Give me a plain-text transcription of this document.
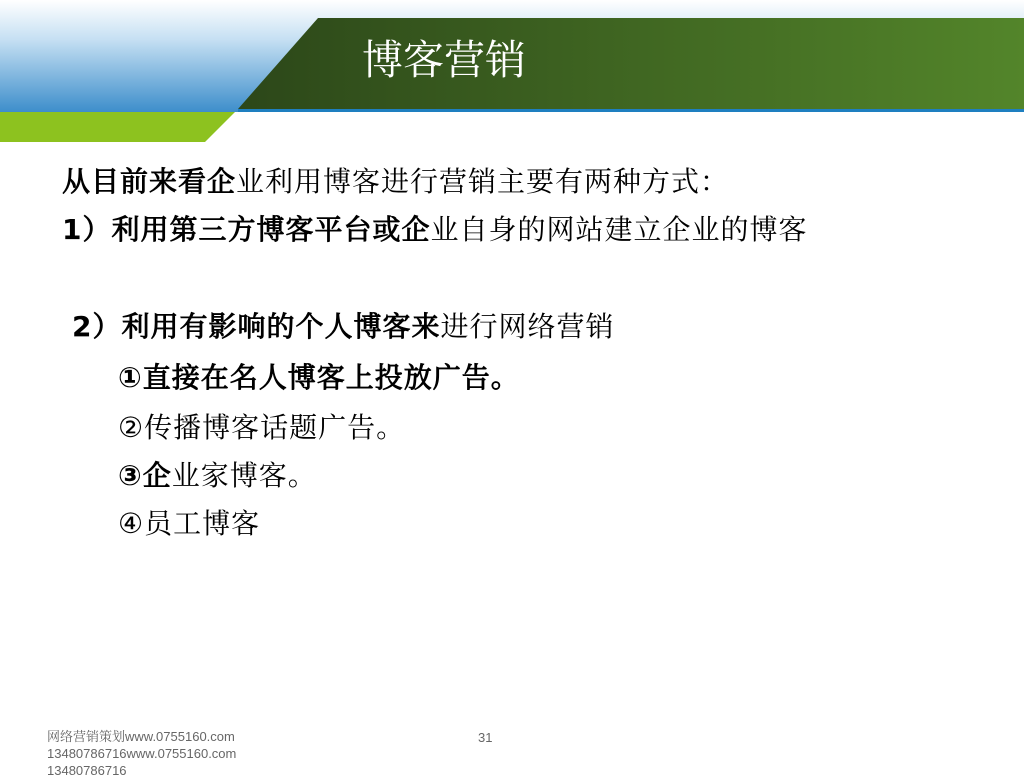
博客营销
从目前来看企业利用博客进行营销主要有两种方式：
1）利用第三方博客平台或企业自身的网站建立企业的博客
2）利用有影响的个人博客来进行网络营销
①直接在名人博客上投放广告。
②传播博客话题广告。
③企业家博客。
④员工博客
网络营销策划www.0755160.com
13480786716www.0755160.com
13480786716
31
